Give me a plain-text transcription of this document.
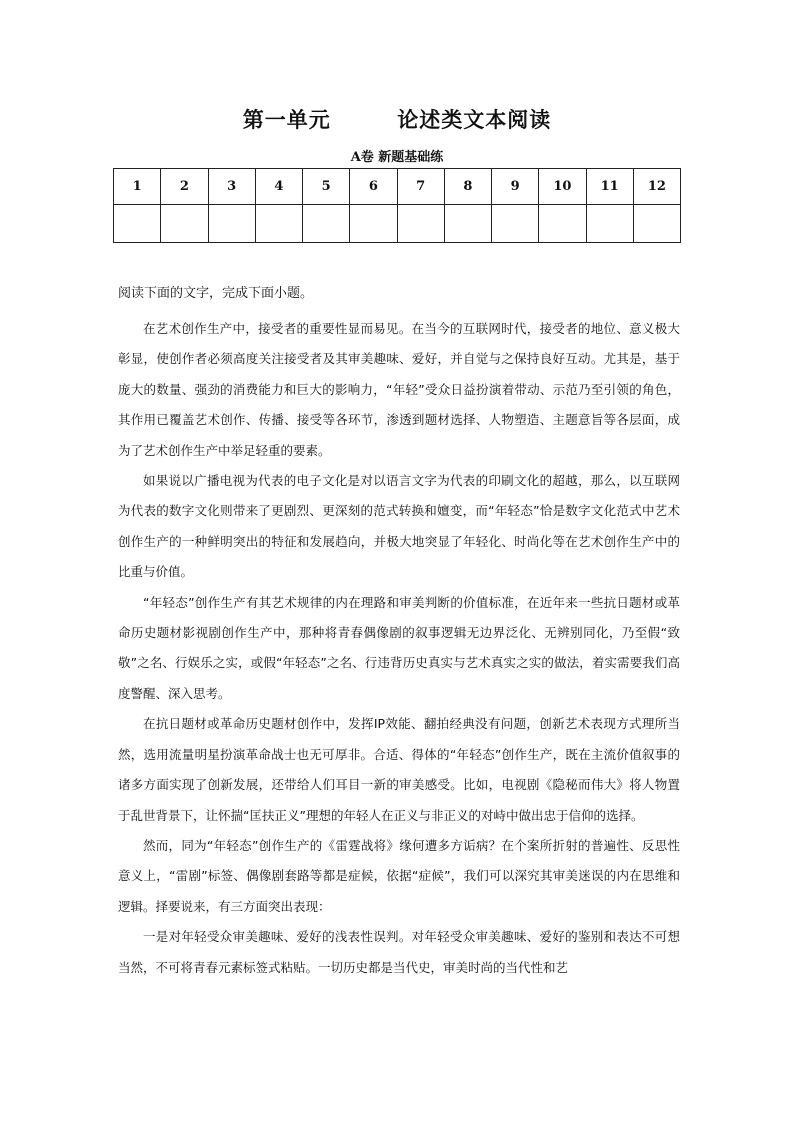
第一单元        论述类文本阅读
A卷 新题基础练
1	2	3	4	5	6	7	8	9	10	11	12

阅读下面的文字，完成下面小题。

在艺术创作生产中，接受者的重要性显而易见。在当今的互联网时代，接受者的地位、意义极大彰显，使创作者必须高度关注接受者及其审美趣味、爱好，并自觉与之保持良好互动。尤其是，基于庞大的数量、强劲的消费能力和巨大的影响力，“年轻”受众日益扮演着带动、示范乃至引领的角色，其作用已覆盖艺术创作、传播、接受等各环节，渗透到题材选择、人物塑造、主题意旨等各层面，成为了艺术创作生产中举足轻重的要素。

如果说以广播电视为代表的电子文化是对以语言文字为代表的印刷文化的超越，那么，以互联网为代表的数字文化则带来了更剧烈、更深刻的范式转换和嬗变，而“年轻态”恰是数字文化范式中艺术创作生产的一种鲜明突出的特征和发展趋向，并极大地突显了年轻化、时尚化等在艺术创作生产中的比重与价值。

“年轻态”创作生产有其艺术规律的内在理路和审美判断的价值标准，在近年来一些抗日题材或革命历史题材影视剧创作生产中，那种将青春偶像剧的叙事逻辑无边界泛化、无辨别同化，乃至假“致敬”之名、行娱乐之实，或假“年轻态”之名、行违背历史真实与艺术真实之实的做法，着实需要我们高度警醒、深入思考。

在抗日题材或革命历史题材创作中，发挥IP效能、翻拍经典没有问题，创新艺术表现方式理所当然，选用流量明星扮演革命战士也无可厚非。合适、得体的“年轻态”创作生产，既在主流价值叙事的诸多方面实现了创新发展，还带给人们耳目一新的审美感受。比如，电视剧《隐秘而伟大》将人物置于乱世背景下，让怀揣“匡扶正义”理想的年轻人在正义与非正义的对峙中做出忠于信仰的选择。

然而，同为“年轻态”创作生产的《雷霆战将》缘何遭多方诟病？在个案所折射的普遍性、反思性意义上，“雷剧”标签、偶像剧套路等都是症候，依据“症候”，我们可以深究其审美迷误的内在思维和逻辑。择要说来，有三方面突出表现：

一是对年轻受众审美趣味、爱好的浅表性误判。对年轻受众审美趣味、爱好的鉴别和表达不可想当然，不可将青春元素标签式粘贴。一切历史都是当代史，审美时尚的当代性和艺
